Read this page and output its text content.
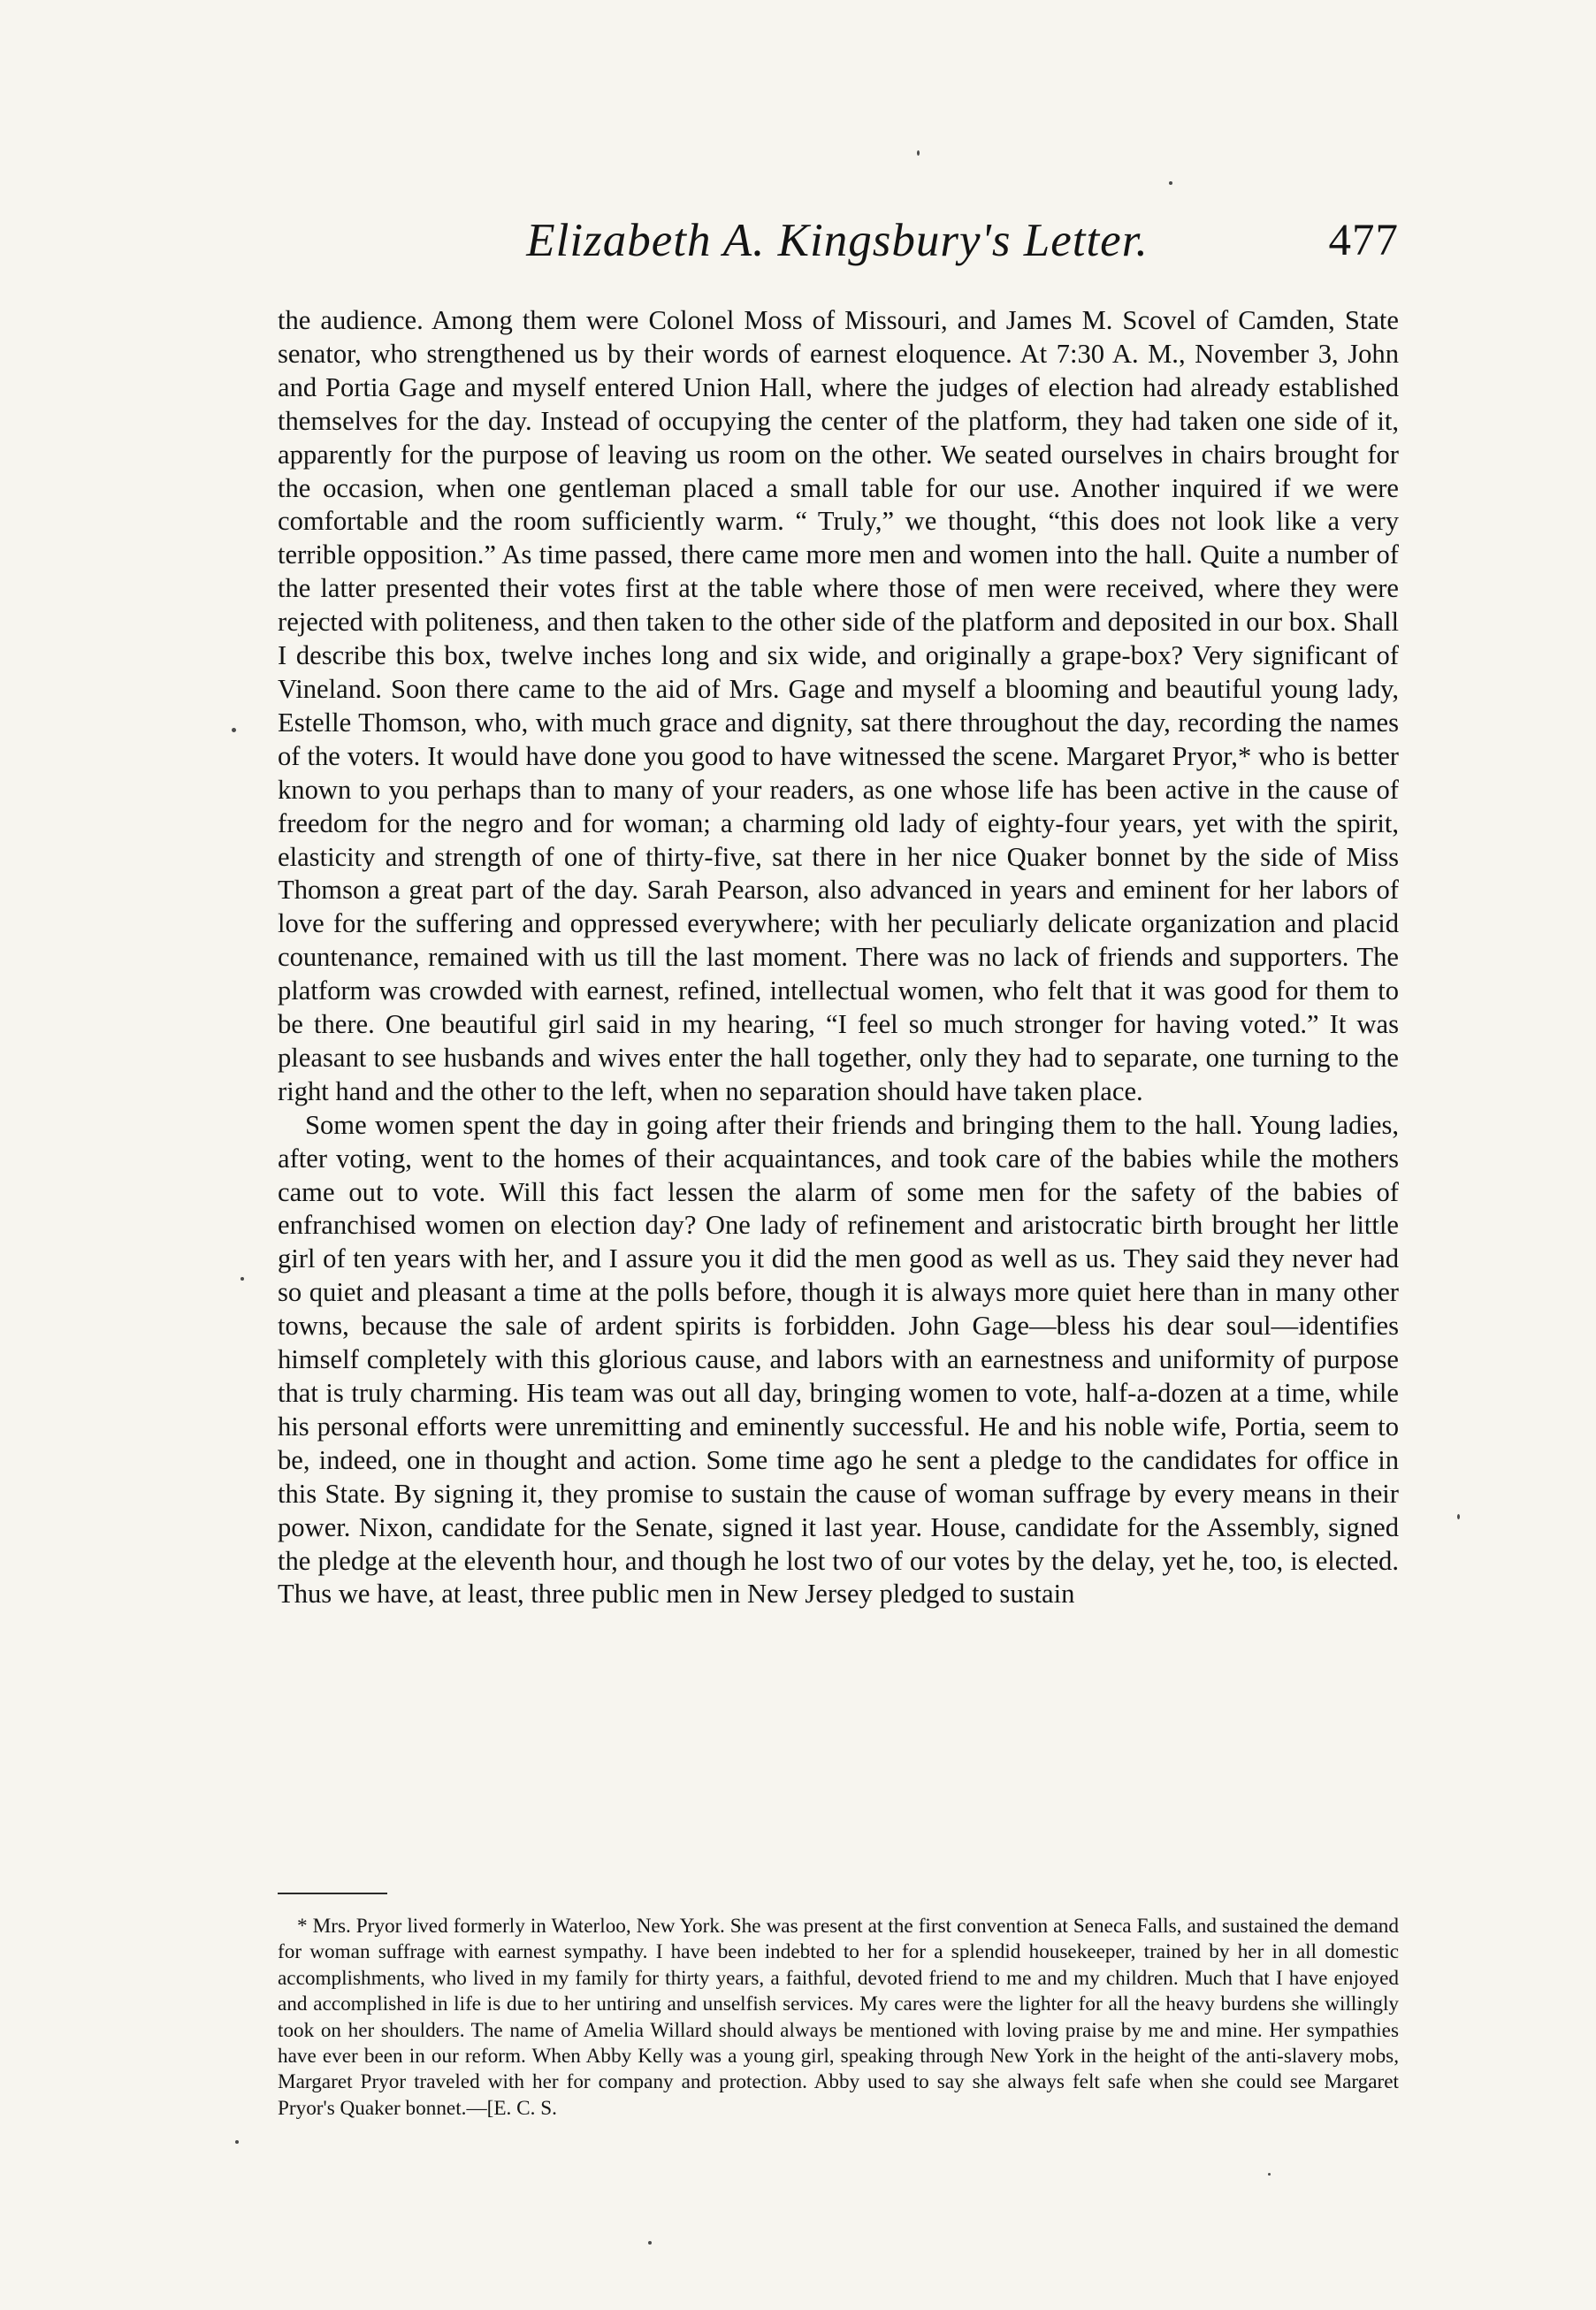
Elizabeth A. Kingsbury's Letter.	477

the audience. Among them were Colonel Moss of Missouri, and James M. Scovel of Camden, State senator, who strengthened us by their words of earnest eloquence. At 7:30 A. M., November 3, John and Portia Gage and myself entered Union Hall, where the judges of election had already established themselves for the day. Instead of occupying the center of the platform, they had taken one side of it, apparently for the purpose of leaving us room on the other. We seated ourselves in chairs brought for the occasion, when one gentleman placed a small table for our use. Another inquired if we were comfortable and the room sufficiently warm. “ Truly,” we thought, “this does not look like a very terrible opposition.” As time passed, there came more men and women into the hall. Quite a number of the latter presented their votes first at the table where those of men were received, where they were rejected with politeness, and then taken to the other side of the platform and deposited in our box. Shall I describe this box, twelve inches long and six wide, and originally a grape-box? Very significant of Vineland. Soon there came to the aid of Mrs. Gage and myself a blooming and beautiful young lady, Estelle Thomson, who, with much grace and dignity, sat there throughout the day, recording the names of the voters. It would have done you good to have witnessed the scene. Margaret Pryor,* who is better known to you perhaps than to many of your readers, as one whose life has been active in the cause of freedom for the negro and for woman; a charming old lady of eighty-four years, yet with the spirit, elasticity and strength of one of thirty-five, sat there in her nice Quaker bonnet by the side of Miss Thomson a great part of the day. Sarah Pearson, also advanced in years and eminent for her labors of love for the suffering and oppressed everywhere; with her peculiarly delicate organization and placid countenance, remained with us till the last moment. There was no lack of friends and supporters. The platform was crowded with earnest, refined, intellectual women, who felt that it was good for them to be there. One beautiful girl said in my hearing, “I feel so much stronger for having voted.” It was pleasant to see husbands and wives enter the hall together, only they had to separate, one turning to the right hand and the other to the left, when no separation should have taken place.

Some women spent the day in going after their friends and bringing them to the hall. Young ladies, after voting, went to the homes of their acquaintances, and took care of the babies while the mothers came out to vote. Will this fact lessen the alarm of some men for the safety of the babies of enfranchised women on election day? One lady of refinement and aristocratic birth brought her little girl of ten years with her, and I assure you it did the men good as well as us. They said they never had so quiet and pleasant a time at the polls before, though it is always more quiet here than in many other towns, because the sale of ardent spirits is forbidden. John Gage—bless his dear soul—identifies himself completely with this glorious cause, and labors with an earnestness and uniformity of purpose that is truly charming. His team was out all day, bringing women to vote, half-a-dozen at a time, while his personal efforts were unremitting and eminently successful. He and his noble wife, Portia, seem to be, indeed, one in thought and action. Some time ago he sent a pledge to the candidates for office in this State. By signing it, they promise to sustain the cause of woman suffrage by every means in their power. Nixon, candidate for the Senate, signed it last year. House, candidate for the Assembly, signed the pledge at the eleventh hour, and though he lost two of our votes by the delay, yet he, too, is elected. Thus we have, at least, three public men in New Jersey pledged to sustain

* Mrs. Pryor lived formerly in Waterloo, New York. She was present at the first convention at Seneca Falls, and sustained the demand for woman suffrage with earnest sympathy. I have been indebted to her for a splendid housekeeper, trained by her in all domestic accomplishments, who lived in my family for thirty years, a faithful, devoted friend to me and my children. Much that I have enjoyed and accomplished in life is due to her untiring and unselfish services. My cares were the lighter for all the heavy burdens she willingly took on her shoulders. The name of Amelia Willard should always be mentioned with loving praise by me and mine. Her sympathies have ever been in our reform. When Abby Kelly was a young girl, speaking through New York in the height of the anti-slavery mobs, Margaret Pryor traveled with her for company and protection. Abby used to say she always felt safe when she could see Margaret Pryor's Quaker bonnet.—[E. C. S.
